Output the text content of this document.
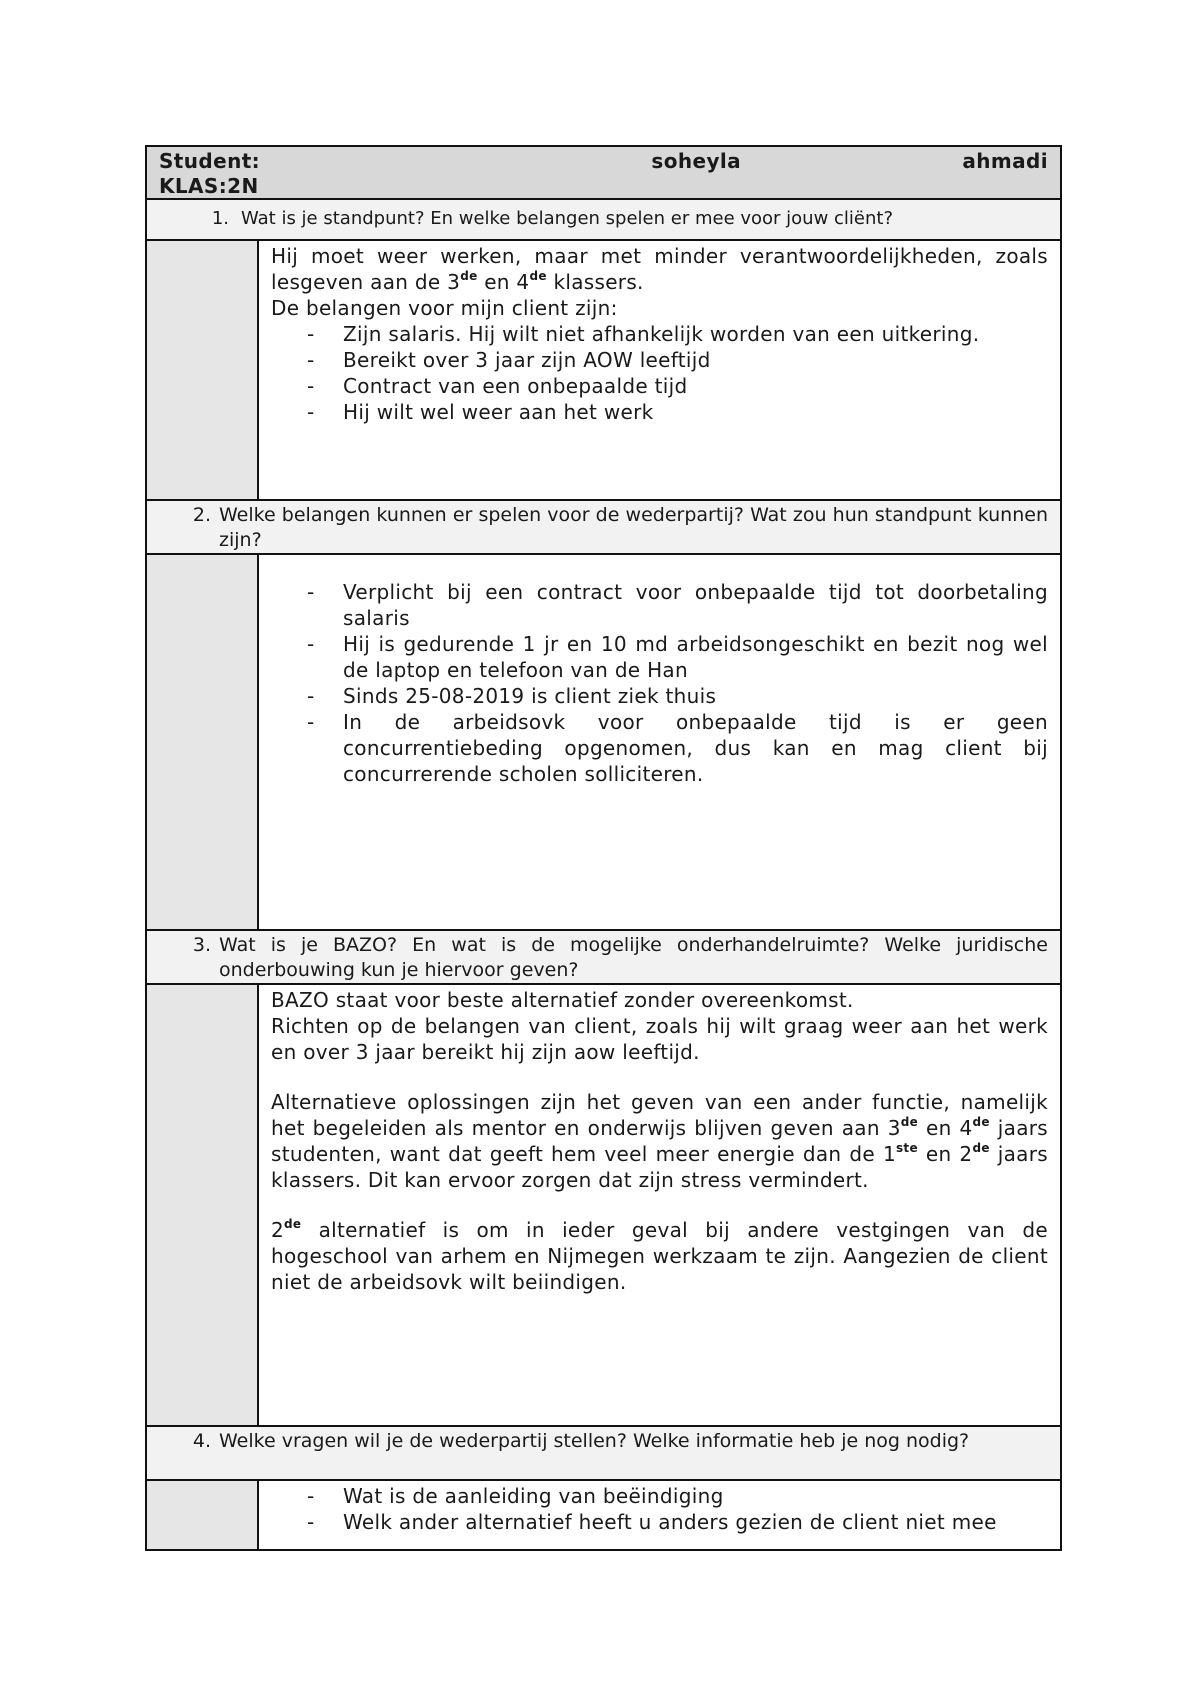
Student:	soheyla	ahmadi
KLAS:2N
1. Wat is je standpunt? En welke belangen spelen er mee voor jouw cliënt?
Hij moet weer werken, maar met minder verantwoordelijkheden, zoals lesgeven aan de 3de en 4de klassers.
De belangen voor mijn client zijn:
-	Zijn salaris. Hij wilt niet afhankelijk worden van een uitkering.
-	Bereikt over 3 jaar zijn AOW leeftijd
-	Contract van een onbepaalde tijd
-	Hij wilt wel weer aan het werk
2. Welke belangen kunnen er spelen voor de wederpartij? Wat zou hun standpunt kunnen zijn?
-	Verplicht bij een contract voor onbepaalde tijd tot doorbetaling salaris
-	Hij is gedurende 1 jr en 10 md arbeidsongeschikt en bezit nog wel de laptop en telefoon van de Han
-	Sinds 25-08-2019 is client ziek thuis
-	In de arbeidsovk voor onbepaalde tijd is er geen concurrentiebeding opgenomen, dus kan en mag client bij concurrerende scholen solliciteren.
3. Wat is je BAZO? En wat is de mogelijke onderhandelruimte? Welke juridische onderbouwing kun je hiervoor geven?
BAZO staat voor beste alternatief zonder overeenkomst.
Richten op de belangen van client, zoals hij wilt graag weer aan het werk en over 3 jaar bereikt hij zijn aow leeftijd.
Alternatieve oplossingen zijn het geven van een ander functie, namelijk het begeleiden als mentor en onderwijs blijven geven aan 3de en 4de jaars studenten, want dat geeft hem veel meer energie dan de 1ste en 2de jaars klassers. Dit kan ervoor zorgen dat zijn stress vermindert.
2de alternatief is om in ieder geval bij andere vestgingen van de hogeschool van arhem en Nijmegen werkzaam te zijn. Aangezien de client niet de arbeidsovk wilt beiindigen.
4. Welke vragen wil je de wederpartij stellen? Welke informatie heb je nog nodig?
-	Wat is de aanleiding van beëindiging
-	Welk ander alternatief heeft u anders gezien de client niet mee
